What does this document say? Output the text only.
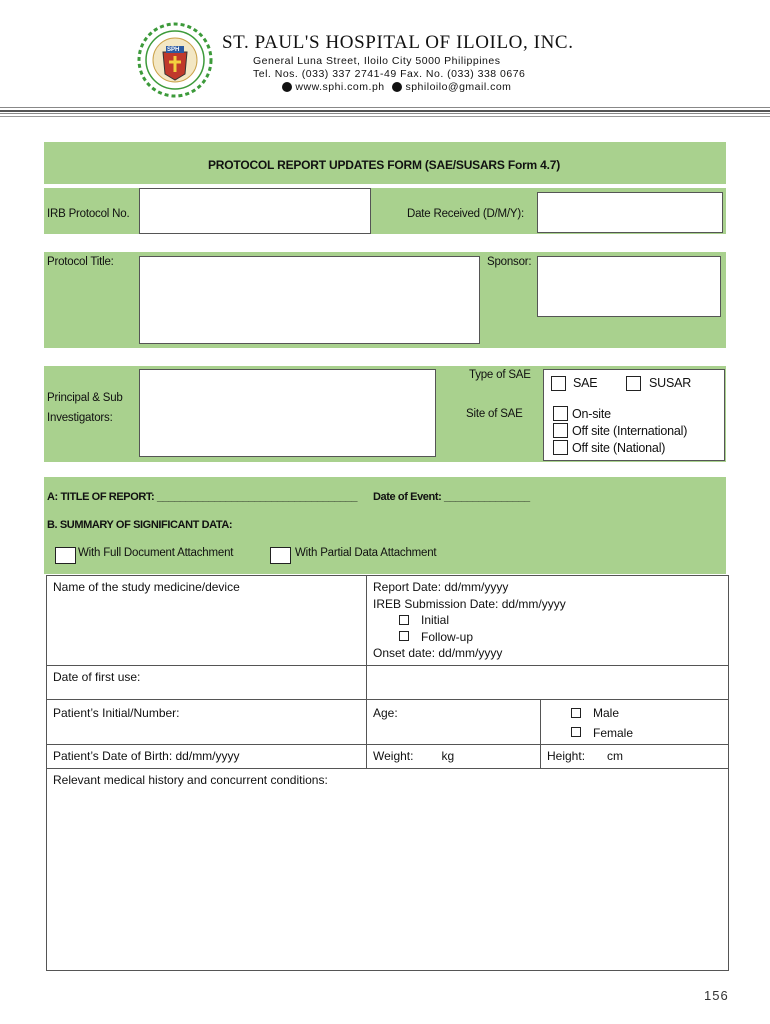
SPH ST. PAUL'S HOSPITAL OF ILOILO, INC.
General Luna Street, Iloilo City 5000 Philippines
Tel. Nos. (033) 337 2741-49 Fax. No. (033) 338 0676
www.sphi.com.ph sphiloilo@gmail.com
PROTOCOL REPORT UPDATES FORM (SAE/SUSARS Form 4.7)
IRB Protocol No.	Date Received (D/M/Y):
Protocol Title:	Sponsor:
Principal & Sub
Investigators:
Type of SAE
Site of SAE
SAE	SUSAR
On-site
Off site (International)
Off site (National)
A: TITLE OF REPORT: ___________________________________ Date of Event: _______________
B. SUMMARY OF SIGNIFICANT DATA:
With Full Document Attachment	With Partial Data Attachment
Name of the study medicine/device	Report Date: dd/mm/yyyy
IREB Submission Date: dd/mm/yyyy
Initial
Follow-up
Onset date: dd/mm/yyyy	

Date of first use:		

Patient’s Initial/Number:	Age:	Male
Female

Patient’s Date of Birth: dd/mm/yyyy	Weight: kg	Height: cm
Relevant medical history and concurrent conditions:		
156
